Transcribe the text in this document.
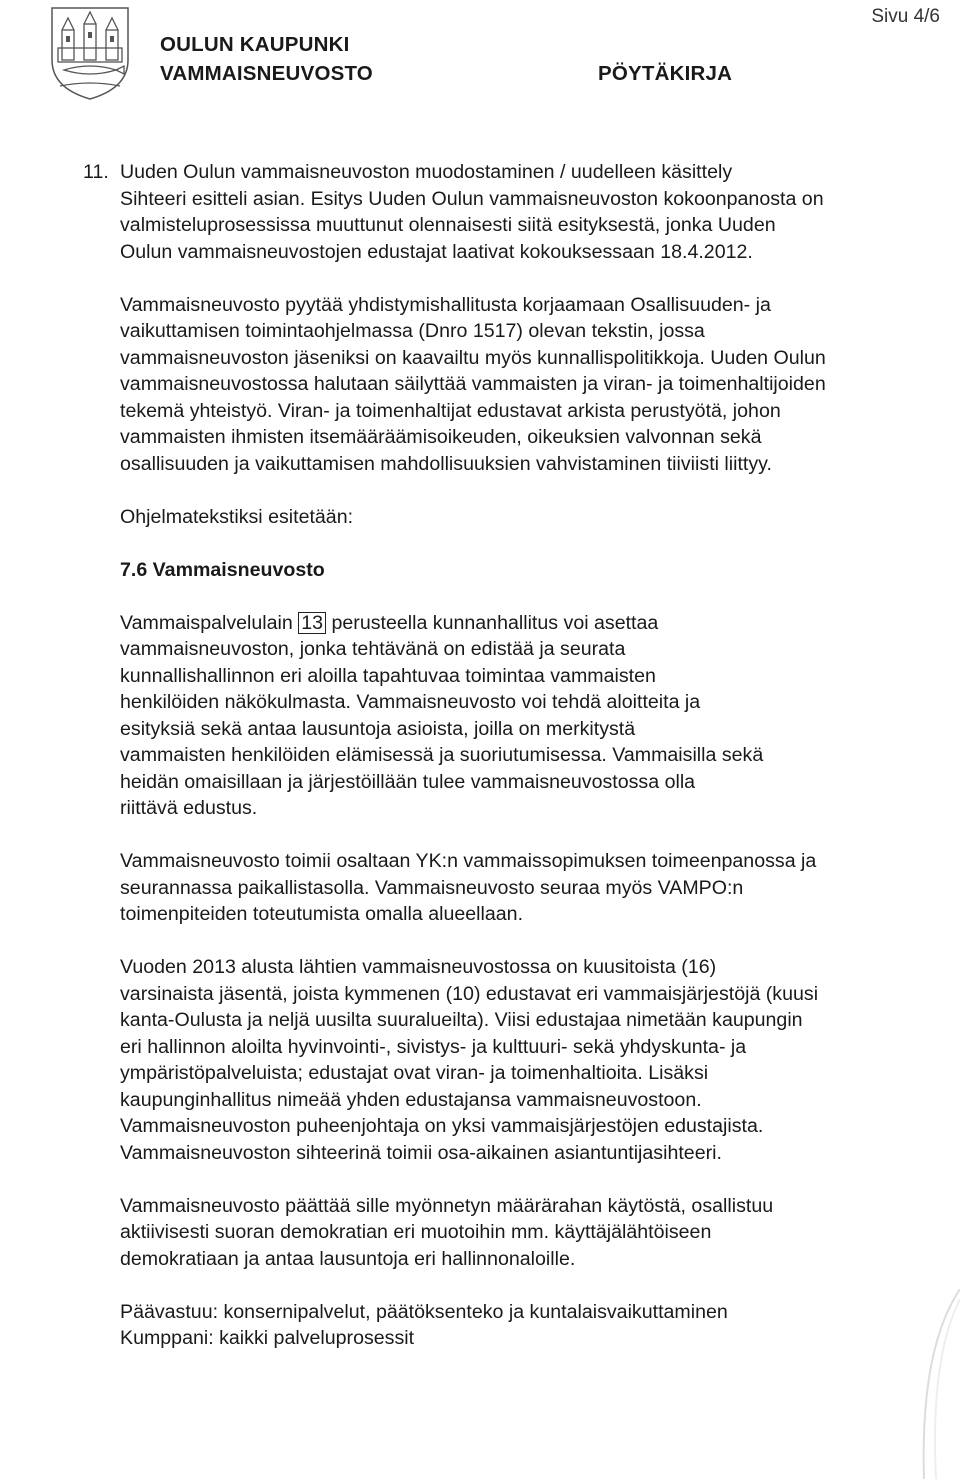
Sivu 4/6
OULUN KAUPUNKI
VAMMAISNEUVOSTO	PÖYTÄKIRJA

11. Uuden Oulun vammaisneuvoston muodostaminen / uudelleen käsittely

Sihteeri esitteli asian. Esitys Uuden Oulun vammaisneuvoston kokoonpanosta on

valmisteluprosessissa muuttunut olennaisesti siitä esityksestä, jonka Uuden

Oulun vammaisneuvostojen edustajat laativat kokouksessaan 18.4.2012.

Vammaisneuvosto pyytää yhdistymishallitusta korjaamaan Osallisuuden- ja

vaikuttamisen toimintaohjelmassa (Dnro 1517) olevan tekstin, jossa

vammaisneuvoston jäseniksi on kaavailtu myös kunnallispolitikkoja. Uuden Oulun

vammaisneuvostossa halutaan säilyttää vammaisten ja viran- ja toimenhaltijoiden

tekemä yhteistyö. Viran- ja toimenhaltijat edustavat arkista perustyötä, johon

vammaisten ihmisten itsemääräämisoikeuden, oikeuksien valvonnan sekä

osallisuuden ja vaikuttamisen mahdollisuuksien vahvistaminen tiiviisti liittyy.

Ohjelmatekstiksi esitetään:

7.6 Vammaisneuvosto

Vammaispalvelulain 13 perusteella kunnanhallitus voi asettaa

vammaisneuvoston, jonka tehtävänä on edistää ja seurata

kunnallishallinnon eri aloilla tapahtuvaa toimintaa vammaisten

henkilöiden näkökulmasta. Vammaisneuvosto voi tehdä aloitteita ja

esityksiä sekä antaa lausuntoja asioista, joilla on merkitystä

vammaisten henkilöiden elämisessä ja suoriutumisessa. Vammaisilla sekä

heidän omaisillaan ja järjestöillään tulee vammaisneuvostossa olla

riittävä edustus.

Vammaisneuvosto toimii osaltaan YK:n vammaissopimuksen toimeenpanossa ja

seurannassa paikallistasolla. Vammaisneuvosto seuraa myös VAMPO:n

toimenpiteiden toteutumista omalla alueellaan.

Vuoden 2013 alusta lähtien vammaisneuvostossa on kuusitoista (16)

varsinaista jäsentä, joista kymmenen (10) edustavat eri vammaisjärjestöjä (kuusi

kanta-Oulusta ja neljä uusilta suuralueilta). Viisi edustajaa nimetään kaupungin

eri hallinnon aloilta hyvinvointi-, sivistys- ja kulttuuri- sekä yhdyskunta- ja

ympäristöpalveluista; edustajat ovat viran- ja toimenhaltioita. Lisäksi

kaupunginhallitus nimeää yhden edustajansa vammaisneuvostoon.

Vammaisneuvoston puheenjohtaja on yksi vammaisjärjestöjen edustajista.

Vammaisneuvoston sihteerinä toimii osa-aikainen asiantuntijasihteeri.

Vammaisneuvosto päättää sille myönnetyn määrärahan käytöstä, osallistuu

aktiivisesti suoran demokratian eri muotoihin mm. käyttäjälähtöiseen

demokratiaan ja antaa lausuntoja eri hallinnonaloille.

Päävastuu: konsernipalvelut, päätöksenteko ja kuntalaisvaikuttaminen

Kumppani: kaikki palveluprosessit
